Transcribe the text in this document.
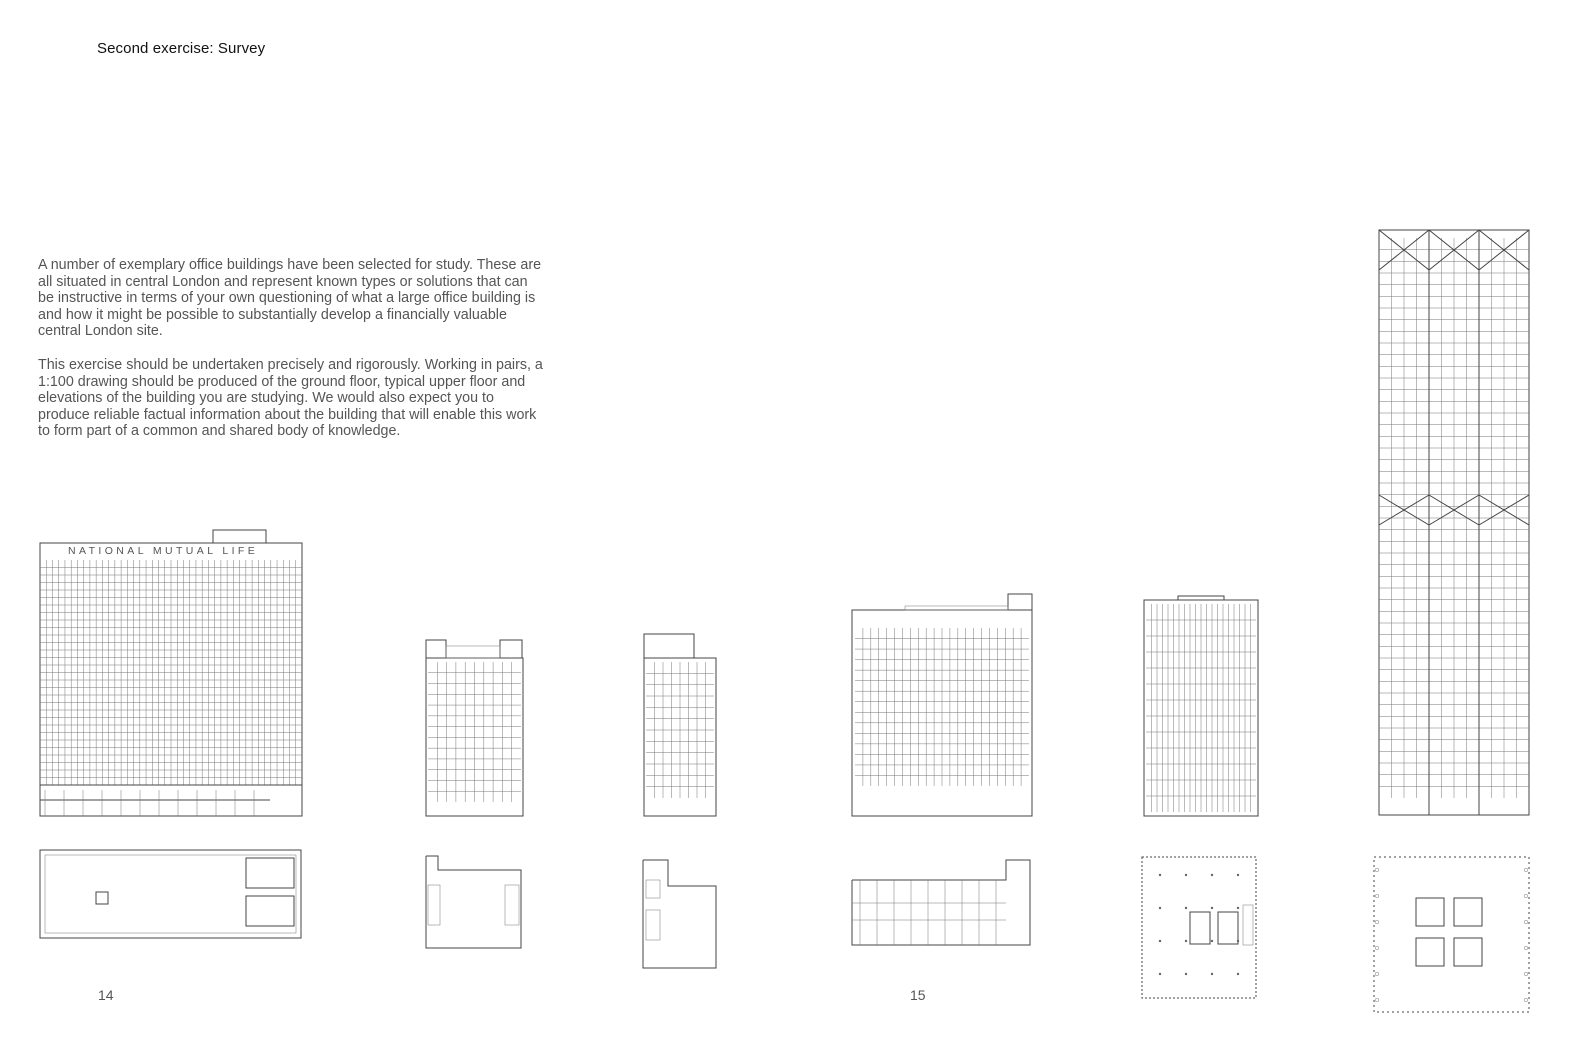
Second exercise: Survey

A number of exemplary office buildings have been selected for study. These are all situated in central London and represent known types or solutions that can be instructive in terms of your own questioning of what a large office building is and how it might be possible to substantially develop a financially valuable central London site.

This exercise should be undertaken precisely and rigorously. Working in pairs, a 1:100 drawing should be produced of the ground floor, typical upper floor and elevations of the building you are studying. We would also expect you to produce reliable factual information about the building that will enable this work to form part of a common and shared body of knowledge.

NATIONAL MUTUAL LIFE
14	15
